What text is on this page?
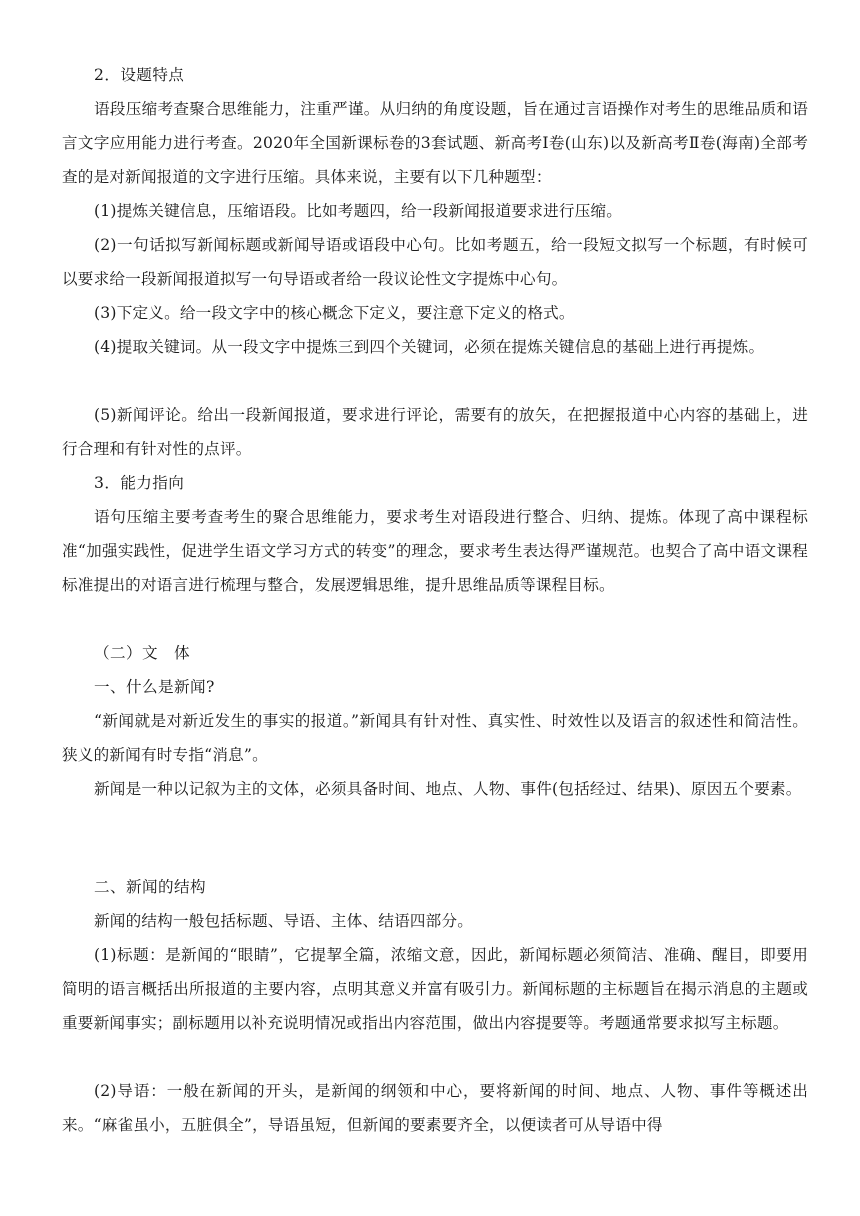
2．设题特点

语段压缩考查聚合思维能力，注重严谨。从归纳的角度设题，旨在通过言语操作对考生的思维品质和语言文字应用能力进行考查。2020年全国新课标卷的3套试题、新高考Ⅰ卷(山东)以及新高考Ⅱ卷(海南)全部考查的是对新闻报道的文字进行压缩。具体来说，主要有以下几种题型：

(1)提炼关键信息，压缩语段。比如考题四，给一段新闻报道要求进行压缩。

(2)一句话拟写新闻标题或新闻导语或语段中心句。比如考题五，给一段短文拟写一个标题，有时候可以要求给一段新闻报道拟写一句导语或者给一段议论性文字提炼中心句。

(3)下定义。给一段文字中的核心概念下定义，要注意下定义的格式。

(4)提取关键词。从一段文字中提炼三到四个关键词，必须在提炼关键信息的基础上进行再提炼。

(5)新闻评论。给出一段新闻报道，要求进行评论，需要有的放矢，在把握报道中心内容的基础上，进行合理和有针对性的点评。

3．能力指向

语句压缩主要考查考生的聚合思维能力，要求考生对语段进行整合、归纳、提炼。体现了高中课程标准“加强实践性，促进学生语文学习方式的转变”的理念，要求考生表达得严谨规范。也契合了高中语文课程标准提出的对语言进行梳理与整合，发展逻辑思维，提升思维品质等课程目标。

（二）文　体

一、什么是新闻?

“新闻就是对新近发生的事实的报道。”新闻具有针对性、真实性、时效性以及语言的叙述性和简洁性。狭义的新闻有时专指“消息”。

新闻是一种以记叙为主的文体，必须具备时间、地点、人物、事件(包括经过、结果)、原因五个要素。

二、新闻的结构

新闻的结构一般包括标题、导语、主体、结语四部分。

(1)标题：是新闻的“眼睛”，它提挈全篇，浓缩文意，因此，新闻标题必须简洁、准确、醒目，即要用简明的语言概括出所报道的主要内容，点明其意义并富有吸引力。新闻标题的主标题旨在揭示消息的主题或重要新闻事实；副标题用以补充说明情况或指出内容范围，做出内容提要等。考题通常要求拟写主标题。

(2)导语：一般在新闻的开头，是新闻的纲领和中心，要将新闻的时间、地点、人物、事件等概述出来。“麻雀虽小，五脏俱全”，导语虽短，但新闻的要素要齐全，以便读者可从导语中得
